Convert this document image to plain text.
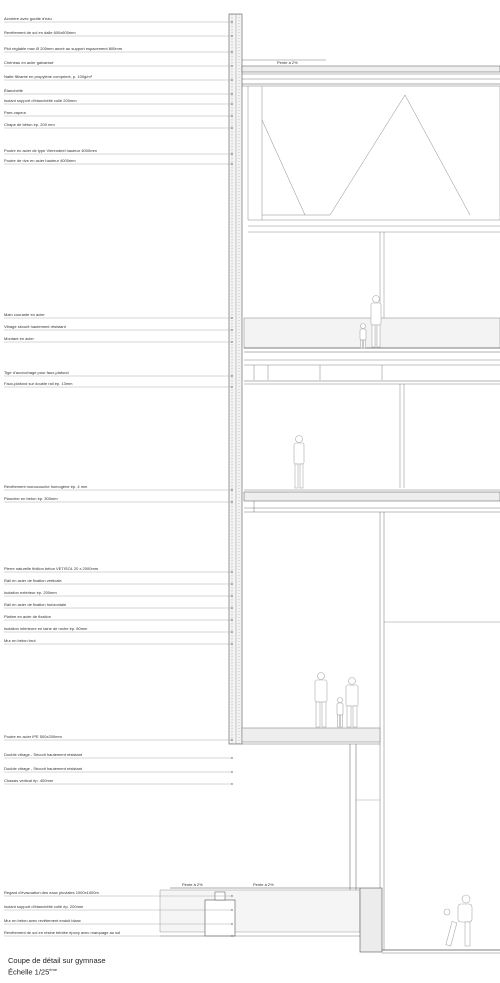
Acrotère avec goutte d'eau
Revêtement de sol en dalle 600x600mm
Plot réglable max Ø 200mm ancré au support espacement 800mm
Chéneau en acier galvanisé
Natte filtrante en propylène comprimé, p. 100g/m²
Étanchéité
Isolant support d'étanchéité collé 200mm
Pare-vapeur
Chape de béton ép. 200 mm
Poutre en acier de type Vierendeel hauteur 4000mm
Poutre de rive en acier hauteur 4000mm
Main courante en acier
Vitrage sécurit hautement résistant
Montant en acier
Tige d'accrochage pour faux-plafond
Faux-plafond sur double rail ép. 13mm
Revêtement monocouche homogène ép. 4 mm
Plancher en béton ép. 300mm
Pierre naturelle finition béton VETISOL 20 x 2000mm
Rail en acier de fixation verticale
Isolation extérieur ép. 200mm
Rail en acier de fixation horizontale
Platine en acier de fixation
Isolation intérieure en laine de roche ép. 80mm
Mur en béton brut
Poutre en acier IPE 500x200mm
Double vitrage - Sécurit hautement résistant
Double vitrage - Sécurit hautement résistant
Chassis vertical ép. 400mm
Regard d'évacuation des eaux pluviales 1000x1000m
Isolant support d'étanchéité collé ép. 200mm
Mur en béton avec revêtement enduit blanc
Revêtement de sol en résine teintée époxy avec marquage au sol
Pente à 2%
Pente à 2%	Pente à 2%
Coupe de détail sur gymnase
Échelle 1/25ème
